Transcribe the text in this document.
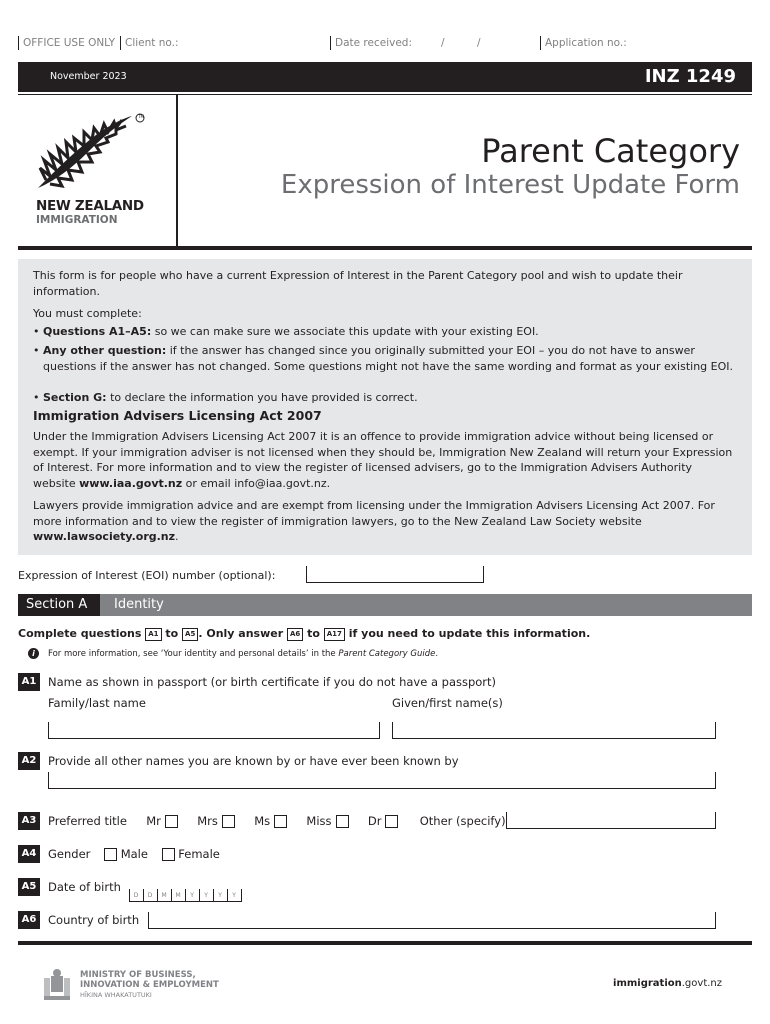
OFFICE USE ONLY Client no.:	Date received:	/	/	Application no.:
November 2023	INZ 1249
TM
NEW ZEALAND
IMMIGRATION
Parent Category
Expression of Interest Update Form
This form is for people who have a current Expression of Interest in the Parent Category pool and wish to update their information.
You must complete:
• Questions A1–A5: so we can make sure we associate this update with your existing EOI.
• Any other question: if the answer has changed since you originally submitted your EOI – you do not have to answer questions if the answer has not changed. Some questions might not have the same wording and format as your existing EOI.
• Section G: to declare the information you have provided is correct.
Immigration Advisers Licensing Act 2007
Under the Immigration Advisers Licensing Act 2007 it is an offence to provide immigration advice without being licensed or exempt. If your immigration adviser is not licensed when they should be, Immigration New Zealand will return your Expression of Interest. For more information and to view the register of licensed advisers, go to the Immigration Advisers Authority website www.iaa.govt.nz or email info@iaa.govt.nz.
Lawyers provide immigration advice and are exempt from licensing under the Immigration Advisers Licensing Act 2007. For more information and to view the register of immigration lawyers, go to the New Zealand Law Society website www.lawsociety.org.nz.
Expression of Interest (EOI) number (optional):
Section A	Identity
Complete questions A1 to A5 . Only answer A6 to A17 if you need to update this information.
i	For more information, see ‘Your identity and personal details’ in the Parent Category Guide.
A1	Name as shown in passport (or birth certificate if you do not have a passport)
Family/last name	Given/first name(s)
A2	Provide all other names you are known by or have ever been known by
A3	Preferred title Mr	Mrs	Ms	Miss	Dr	Other (specify)
A4	Gender	Male	Female
A5	Date of birth D D M M Y Y Y Y
A6	Country of birth
MINISTRY OF BUSINESS,
INNOVATION & EMPLOYMENT
HĪKINA WHAKATUTUKI
immigration.govt.nz
